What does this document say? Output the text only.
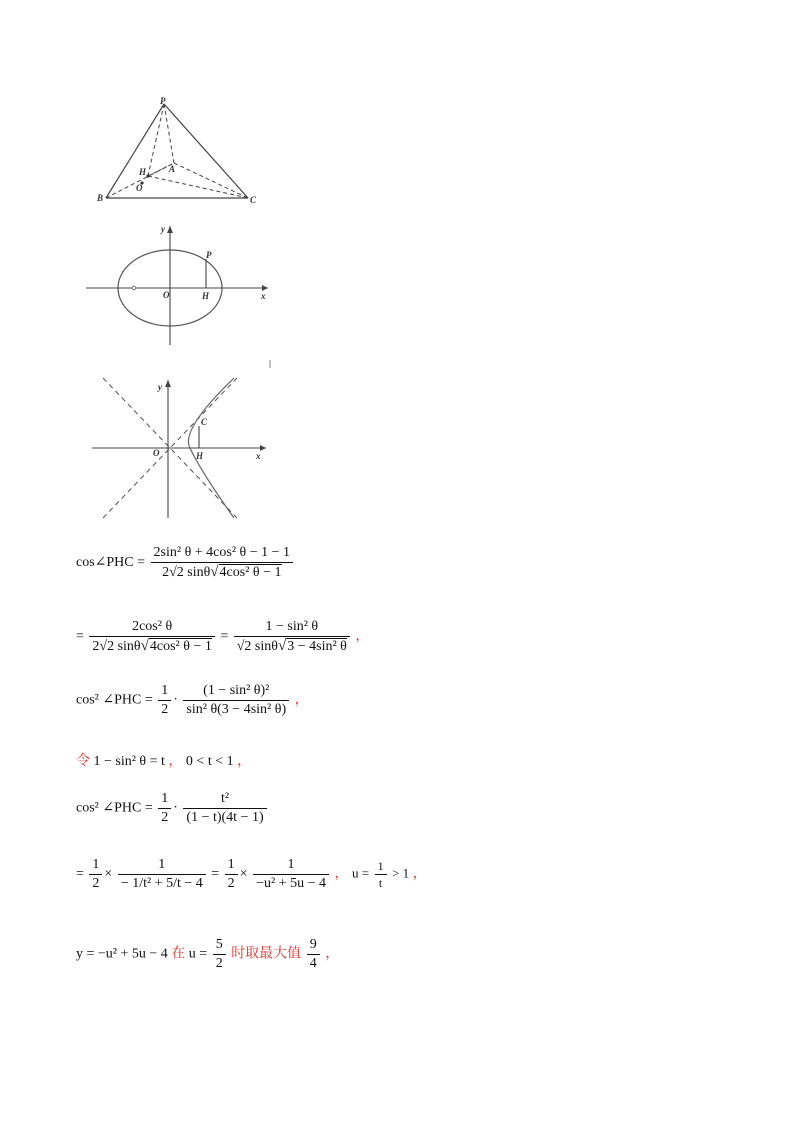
P
H	A
O
B	C
y
P
O	H	x
y
C
O	H	x
cos∠PHC = $\frac{\text{2sin² θ + 4cos² θ − 1 − 1}}{\text{2√2 sinθ√4cos² θ − 1}}$
= $\frac{\text{2cos² θ}}{\text{2√2 sinθ√4cos² θ − 1}} = \frac{\text{1 − sin² θ}}{\text{√2 sinθ√3 − 4sin² θ}}$ ，
cos² ∠PHC = $\frac{1}{2} \cdot \frac{\text{(1 − sin² θ)²}}{\text{sin² θ(3 − 4sin² θ)}}$ ，
令 1 − sin² θ = t ， 0 < t < 1 ，
cos² ∠PHC = $\frac{1}{2} \cdot \frac{\text{t²}}{(1 - t)(4t - 1)}$
= $\frac{1}{2} \times \frac{1}{\text{− 1/t² + 5/t − 4}} = \frac{1}{2} \times \frac{1}{\text{−u² + 5u − 4}}$ ， $u = \frac{1}{t} > 1$ ，
y = −u² + 5u − 4 在 $u = \frac{5}{2}$ 时取最大值 $\frac{9}{4}$ ，
